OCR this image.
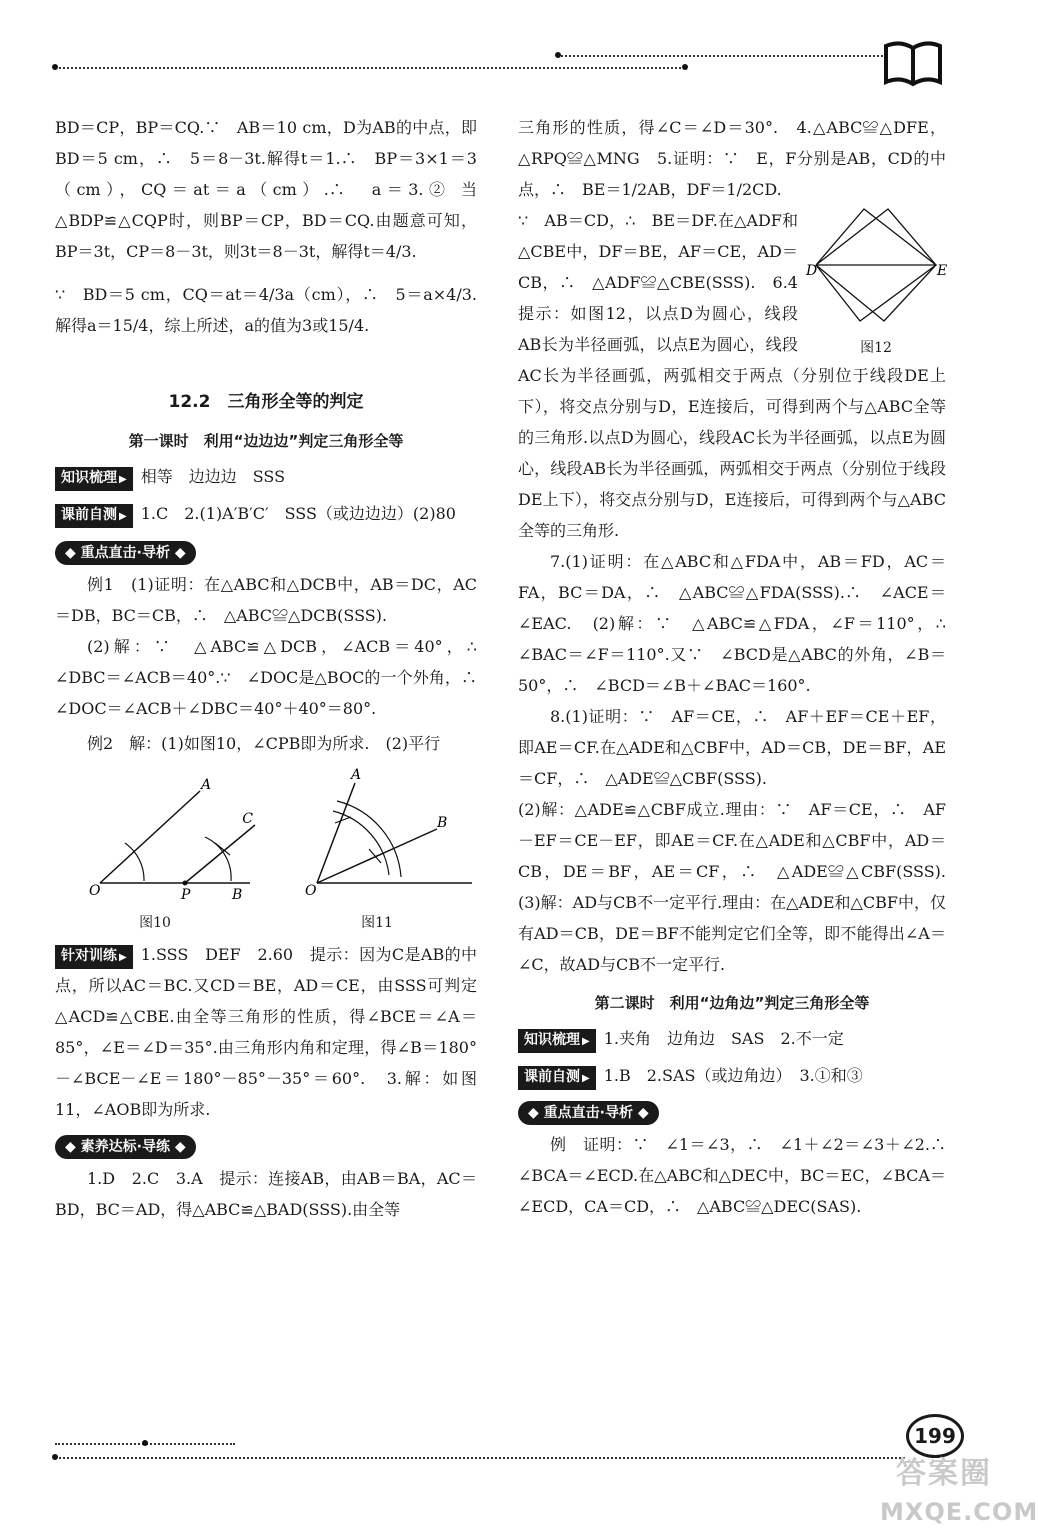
BD＝CP，BP＝CQ.∵　AB＝10 cm，D为AB的中点，即BD＝5 cm，∴　5＝8－3t.解得t＝1.∴　BP＝3×1＝3（cm），CQ＝at＝a（cm）.∴　a＝3.② 当△BDP≌△CQP时，则BP＝CP，BD＝CQ.由题意可知，BP＝3t，CP＝8－3t，则3t＝8－3t，解得t＝4/3.

∵　BD＝5 cm，CQ＝at＝4/3a（cm），∴　5＝a×4/3.解得a＝15/4，综上所述，a的值为3或15/4.

12.2　三角形全等的判定
第一课时　利用“边边边”判定三角形全等

知识梳理 ▶ 相等　边边边　SSS

课前自测 ▶ 1.C　2.(1)A′B′C′　SSS（或边边边）(2)80

◆ 重点直击·导析 ◆

例1　(1)证明：在△ABC和△DCB中，AB＝DC，AC＝DB，BC＝CB，∴　△ABC≌△DCB(SSS).

(2)解：∵　△ABC≌△DCB，∠ACB＝40°，∴　∠DBC＝∠ACB＝40°.∵　∠DOC是△BOC的一个外角，∴　∠DOC＝∠ACB＋∠DBC＝40°＋40°＝80°.

例2　解：(1)如图10，∠CPB即为所求.　(2)平行

A
C
O	P	B
图10
A
B
O
图11

针对训练 ▶ 1.SSS　DEF　2.60　提示：因为C是AB的中点，所以AC＝BC.又CD＝BE，AD＝CE，由SSS可判定△ACD≌△CBE.由全等三角形的性质，得∠BCE＝∠A＝85°，∠E＝∠D＝35°.由三角形内角和定理，得∠B＝180°－∠BCE－∠E＝180°－85°－35°＝60°.　3.解：如图11，∠AOB即为所求.

◆ 素养达标·导练 ◆

1.D　2.C　3.A　提示：连接AB，由AB＝BA，AC＝BD，BC＝AD，得△ABC≌△BAD(SSS).由全等

三角形的性质，得∠C＝∠D＝30°.　4.△ABC≌△DFE，△RPQ≌△MNG　5.证明：∵　E，F分别是AB，CD的中点，∴　BE＝1/2AB，DF＝1/2CD.

D	E
图12

∵　AB＝CD，∴　BE＝DF.在△ADF和△CBE中，DF＝BE，AF＝CE，AD＝CB，∴　△ADF≌△CBE(SSS).　6.4　提示：如图12，以点D为圆心，线段AB长为半径画弧，以点E为圆心，线段AC长为半径画弧，两弧相交于两点（分别位于线段DE上下），将交点分别与D，E连接后，可得到两个与△ABC全等的三角形.以点D为圆心，线段AC长为半径画弧，以点E为圆心，线段AB长为半径画弧，两弧相交于两点（分别位于线段DE上下），将交点分别与D，E连接后，可得到两个与△ABC全等的三角形.

7.(1)证明：在△ABC和△FDA中，AB＝FD，AC＝FA，BC＝DA，∴　△ABC≌△FDA(SSS).∴　∠ACE＝∠EAC.　(2)解：∵　△ABC≌△FDA，∠F＝110°，∴　∠BAC＝∠F＝110°.又∵　∠BCD是△ABC的外角，∠B＝50°，∴　∠BCD＝∠B＋∠BAC＝160°.

8.(1)证明：∵　AF＝CE，∴　AF＋EF＝CE＋EF，即AE＝CF.在△ADE和△CBF中，AD＝CB，DE＝BF，AE＝CF，∴　△ADE≌△CBF(SSS).

(2)解：△ADE≌△CBF成立.理由：∵　AF＝CE，∴　AF－EF＝CE－EF，即AE＝CF.在△ADE和△CBF中，AD＝CB，DE＝BF，AE＝CF，∴　△ADE≌△CBF(SSS).　(3)解：AD与CB不一定平行.理由：在△ADE和△CBF中，仅有AD＝CB，DE＝BF不能判定它们全等，即不能得出∠A＝∠C，故AD与CB不一定平行.

第二课时　利用“边角边”判定三角形全等

知识梳理 ▶ 1.夹角　边角边　SAS　2.不一定

课前自测 ▶ 1.B　2.SAS（或边角边）　3.①和③

◆ 重点直击·导析 ◆

例　证明：∵　∠1＝∠3，∴　∠1＋∠2＝∠3＋∠2.∴　∠BCA＝∠ECD.在△ABC和△DEC中，BC＝EC，∠BCA＝∠ECD，CA＝CD，∴　△ABC≌△DEC(SAS).

199
答案圈
MXQE.COM
